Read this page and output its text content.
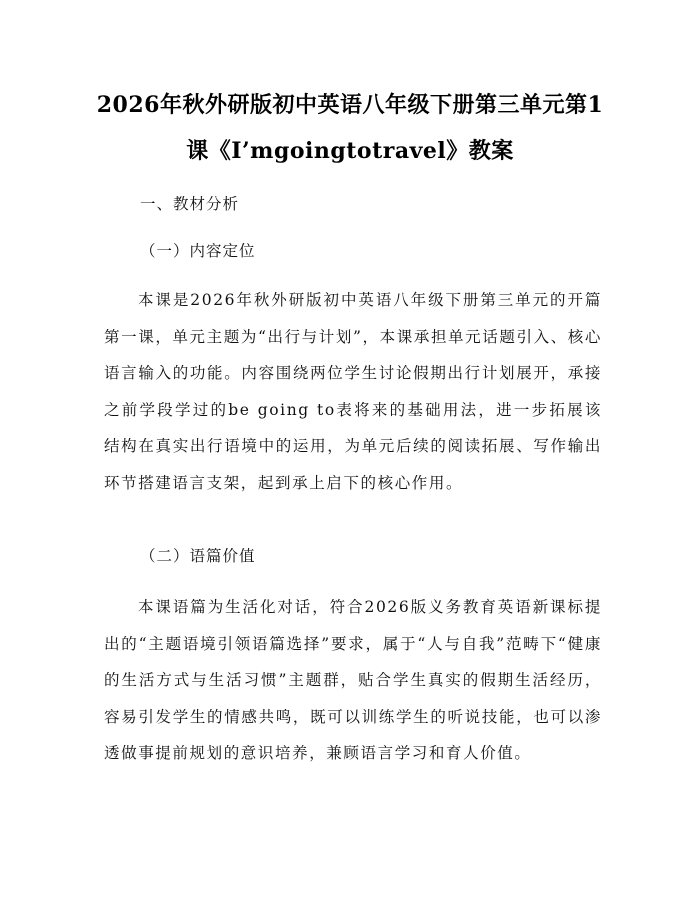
2026年秋外研版初中英语八年级下册第三单元第1课《I’mgoingtotravel》教案

一、教材分析

（一）内容定位

本课是2026年秋外研版初中英语八年级下册第三单元的开篇第一课，单元主题为“出行与计划”，本课承担单元话题引入、核心语言输入的功能。内容围绕两位学生讨论假期出行计划展开，承接之前学段学过的be going to表将来的基础用法，进一步拓展该结构在真实出行语境中的运用，为单元后续的阅读拓展、写作输出环节搭建语言支架，起到承上启下的核心作用。

（二）语篇价值

本课语篇为生活化对话，符合2026版义务教育英语新课标提出的“主题语境引领语篇选择”要求，属于“人与自我”范畴下“健康的生活方式与生活习惯”主题群，贴合学生真实的假期生活经历，容易引发学生的情感共鸣，既可以训练学生的听说技能，也可以渗透做事提前规划的意识培养，兼顾语言学习和育人价值。
